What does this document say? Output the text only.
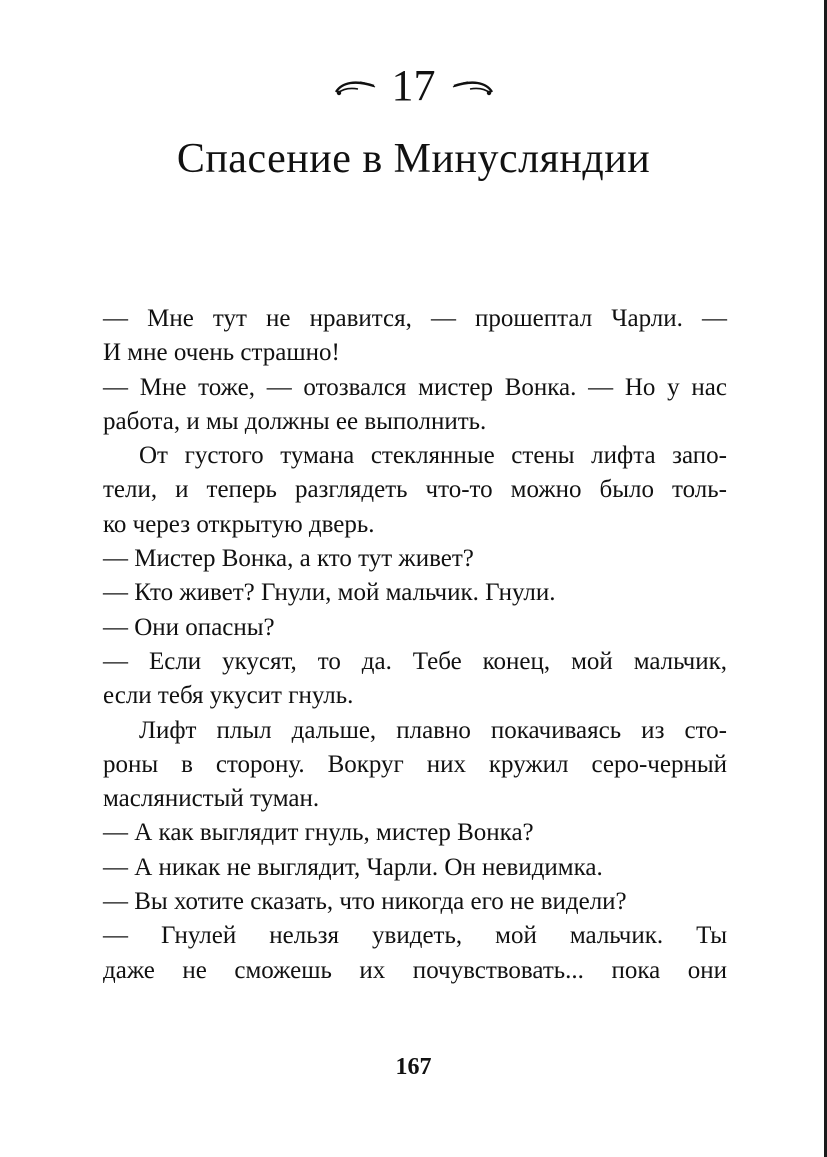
17
Спасение в Минусляндии
— Мне тут не нравится, — прошептал Чарли. —
И мне очень страшно!
— Мне тоже, — отозвался мистер Вонка. — Но у нас
работа, и мы должны ее выполнить.
От густого тумана стеклянные стены лифта запо-
тели, и теперь разглядеть что-то можно было толь-
ко через открытую дверь.
— Мистер Вонка, а кто тут живет?
— Кто живет? Гнули, мой мальчик. Гнули.
— Они опасны?
— Если укусят, то да. Тебе конец, мой мальчик,
если тебя укусит гнуль.
Лифт плыл дальше, плавно покачиваясь из сто-
роны в сторону. Вокруг них кружил серо-черный
маслянистый туман.
— А как выглядит гнуль, мистер Вонка?
— А никак не выглядит, Чарли. Он невидимка.
— Вы хотите сказать, что никогда его не видели?
— Гнулей нельзя увидеть, мой мальчик. Ты
даже не сможешь их почувствовать... пока они
167
